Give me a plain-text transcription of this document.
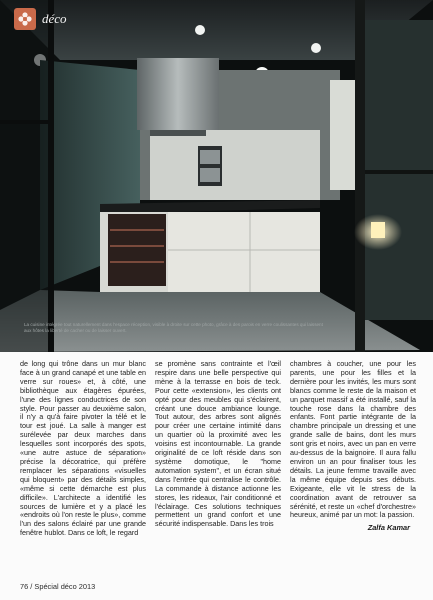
déco
La cuisine intégrée tout naturellement dans l'espace réception, visible à droite sur cette photo, grâce à des parois en verre coulissantes qui laissent aux hôtes la liberté de cacher ou de laisser ouvert.

de long qui trône dans un mur blanc face à un grand canapé et une table en verre sur roues» et, à côté, une bibliothèque aux étagères épurées, l'une des lignes conductrices de son style. Pour passer au deuxième salon, il n'y a qu'à faire pivoter la télé et le tour est joué. La salle à manger est surélevée par deux marches dans lesquelles sont incorporés des spots, «une autre astuce de séparation» précise la décoratrice, qui préfère remplacer les séparations «visuelles qui bloquent» par des détails simples, «même si cette démarche est plus difficile». L'architecte a identifié les sources de lumière et y a placé les «endroits où l'on reste le plus», comme l'un des salons éclairé par une grande fenêtre hublot. Dans ce loft, le regard

se promène sans contrainte et l'œil respire dans une belle perspective qui mène à la terrasse en bois de teck. Pour cette «extension», les clients ont opté pour des meubles qui s'éclairent, créant une douce ambiance lounge. Tout autour, des arbres sont alignés pour créer une certaine intimité dans un quartier où la proximité avec les voisins est incontournable. La grande originalité de ce loft réside dans son système domotique, le "home automation system", et un écran situé dans l'entrée qui centralise le contrôle. La commande à distance actionne les stores, les rideaux, l'air conditionné et l'éclairage. Ces solutions techniques permettent un grand confort et une sécurité indispensable. Dans les trois

chambres à coucher, une pour les parents, une pour les filles et la dernière pour les invités, les murs sont blancs comme le reste de la maison et un parquet massif a été installé, sauf la touche rose dans la chambre des enfants. Font partie intégrante de la chambre principale un dressing et une grande salle de bains, dont les murs sont gris et noirs, avec un pan en verre au-dessus de la baignoire. Il aura fallu environ un an pour finaliser tous les détails. La jeune femme travaille avec la même équipe depuis ses débuts. Exigeante, elle vit le stress de la coordination avant de retrouver sa sérénité, et reste un «chef d'orchestre» heureux, animé par un mot: la passion.

Zalfa Kamar
76 / Spécial déco 2013
